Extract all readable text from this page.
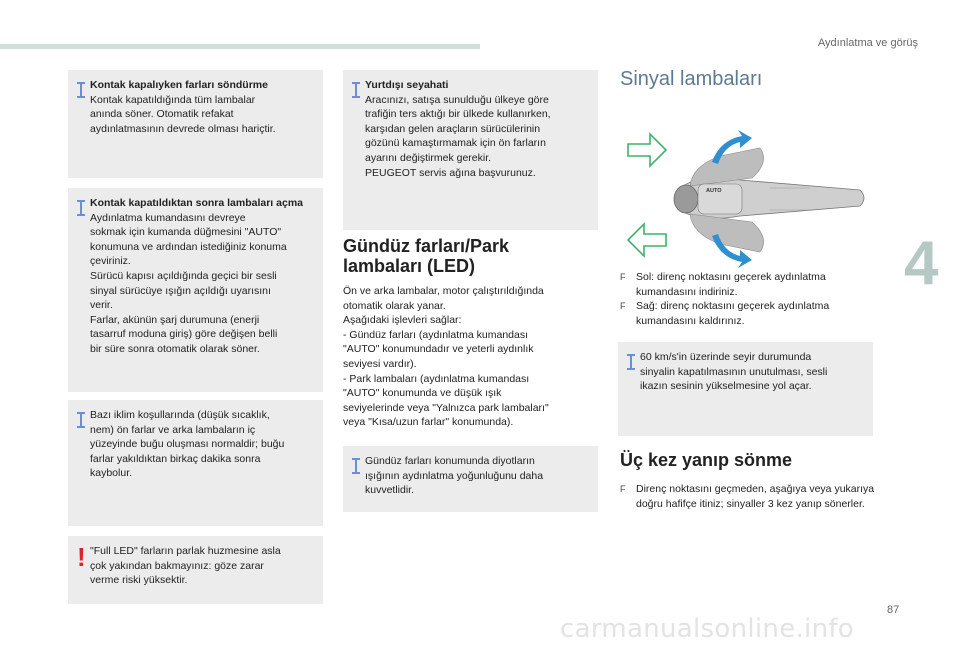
Aydınlatma ve görüş
4
87
carmanualsonline.info
Kontak kapalıyken farları söndürme
Kontak kapatıldığında tüm lambalar
anında söner. Otomatik refakat
aydınlatmasının devrede olması hariçtir.
Kontak kapatıldıktan sonra lambaları açma
Aydınlatma kumandasını devreye
sokmak için kumanda düğmesini "AUTO"
konumuna ve ardından istediğiniz konuma
çeviriniz.
Sürücü kapısı açıldığında geçici bir sesli
sinyal sürücüye ışığın açıldığı uyarısını
verir.
Farlar, akünün şarj durumuna (enerji
tasarruf moduna giriş) göre değişen belli
bir süre sonra otomatik olarak söner.
Bazı iklim koşullarında (düşük sıcaklık,
nem) ön farlar ve arka lambaların iç
yüzeyinde buğu oluşması normaldir; buğu
farlar yakıldıktan birkaç dakika sonra
kaybolur.
! "Full LED" farların parlak huzmesine asla
çok yakından bakmayınız: göze zarar
verme riski yüksektir.
Yurtdışı seyahati
Aracınızı, satışa sunulduğu ülkeye göre
trafiğin ters aktığı bir ülkede kullanırken,
karşıdan gelen araçların sürücülerinin
gözünü kamaştırmamak için ön farların
ayarını değiştirmek gerekir.
PEUGEOT servis ağına başvurunuz.
Gündüz farları/Park
lambaları (LED)
Ön ve arka lambalar, motor çalıştırıldığında
otomatik olarak yanar.
Aşağıdaki işlevleri sağlar:
- Gündüz farları (aydınlatma kumandası
"AUTO" konumundadır ve yeterli aydınlık
seviyesi vardır).
- Park lambaları (aydınlatma kumandası
"AUTO" konumunda ve düşük ışık
seviyelerinde veya "Yalnızca park lambaları"
veya "Kısa/uzun farlar" konumunda).
Gündüz farları konumunda diyotların
ışığının aydınlatma yoğunluğunu daha
kuvvetlidir.
Sinyal lambaları
AUTO
F Sol: direnç noktasını geçerek aydınlatma kumandasını indiriniz.
F Sağ: direnç noktasını geçerek aydınlatma kumandasını kaldırınız.
60 km/s'in üzerinde seyir durumunda
sinyalin kapatılmasının unutulması, sesli
ikazın sesinin yükselmesine yol açar.
Üç kez yanıp sönme
F Direnç noktasını geçmeden, aşağıya veya yukarıya doğru hafifçe itiniz; sinyaller 3 kez yanıp sönerler.
